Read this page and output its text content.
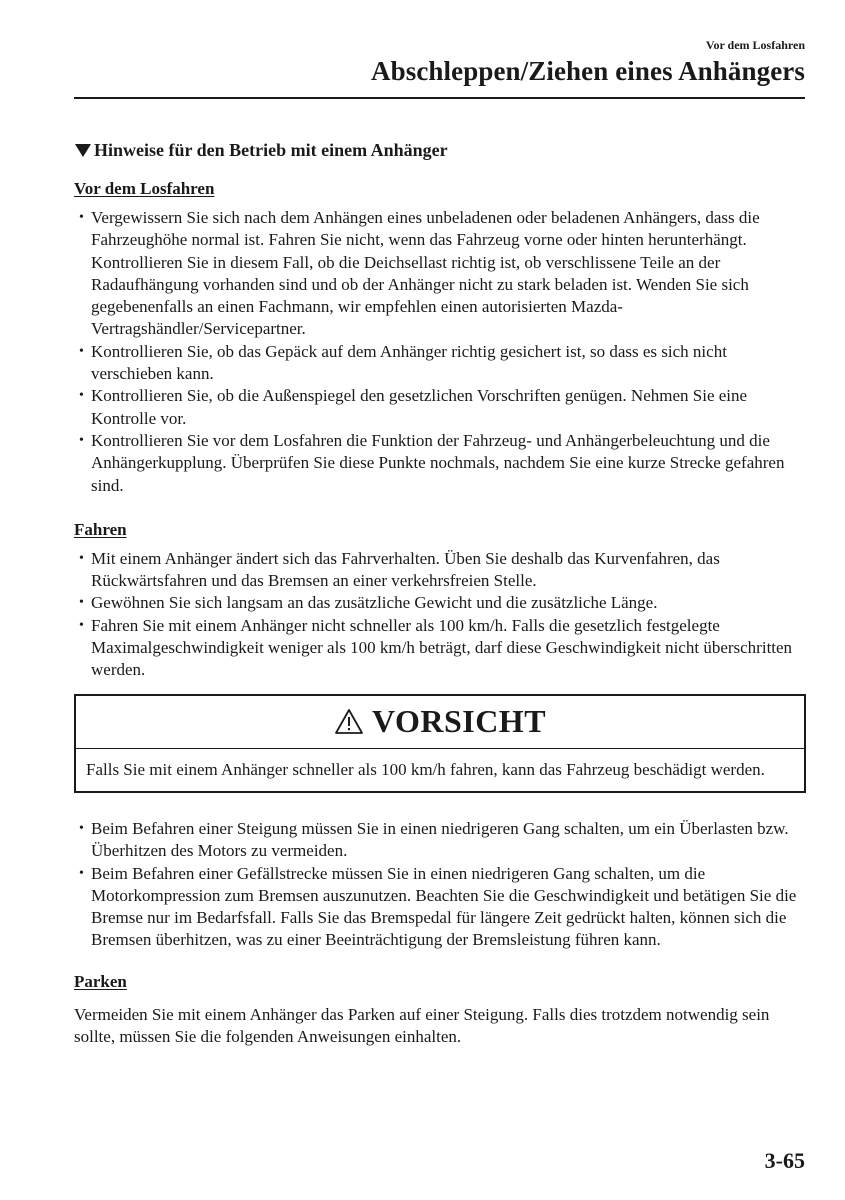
Vor dem Losfahren
Abschleppen/Ziehen eines Anhängers
Hinweise für den Betrieb mit einem Anhänger
Vor dem Losfahren
• Vergewissern Sie sich nach dem Anhängen eines unbeladenen oder beladenen Anhängers, dass die Fahrzeughöhe normal ist. Fahren Sie nicht, wenn das Fahrzeug vorne oder hinten herunterhängt. Kontrollieren Sie in diesem Fall, ob die Deichsellast richtig ist, ob verschlissene Teile an der Radaufhängung vorhanden sind und ob der Anhänger nicht zu stark beladen ist. Wenden Sie sich gegebenenfalls an einen Fachmann, wir empfehlen einen autorisierten Mazda-Vertragshändler/Servicepartner.
• Kontrollieren Sie, ob das Gepäck auf dem Anhänger richtig gesichert ist, so dass es sich nicht verschieben kann.
• Kontrollieren Sie, ob die Außenspiegel den gesetzlichen Vorschriften genügen. Nehmen Sie eine Kontrolle vor.
• Kontrollieren Sie vor dem Losfahren die Funktion der Fahrzeug- und Anhängerbeleuchtung und die Anhängerkupplung. Überprüfen Sie diese Punkte nochmals, nachdem Sie eine kurze Strecke gefahren sind.
Fahren
• Mit einem Anhänger ändert sich das Fahrverhalten. Üben Sie deshalb das Kurvenfahren, das Rückwärtsfahren und das Bremsen an einer verkehrsfreien Stelle.
• Gewöhnen Sie sich langsam an das zusätzliche Gewicht und die zusätzliche Länge.
• Fahren Sie mit einem Anhänger nicht schneller als 100 km/h. Falls die gesetzlich festgelegte Maximalgeschwindigkeit weniger als 100 km/h beträgt, darf diese Geschwindigkeit nicht überschritten werden.
VORSICHT
Falls Sie mit einem Anhänger schneller als 100 km/h fahren, kann das Fahrzeug beschädigt werden.
• Beim Befahren einer Steigung müssen Sie in einen niedrigeren Gang schalten, um ein Überlasten bzw. Überhitzen des Motors zu vermeiden.
• Beim Befahren einer Gefällstrecke müssen Sie in einen niedrigeren Gang schalten, um die Motorkompression zum Bremsen auszunutzen. Beachten Sie die Geschwindigkeit und betätigen Sie die Bremse nur im Bedarfsfall. Falls Sie das Bremspedal für längere Zeit gedrückt halten, können sich die Bremsen überhitzen, was zu einer Beeinträchtigung der Bremsleistung führen kann.
Parken

Vermeiden Sie mit einem Anhänger das Parken auf einer Steigung. Falls dies trotzdem notwendig sein sollte, müssen Sie die folgenden Anweisungen einhalten.

3-65
